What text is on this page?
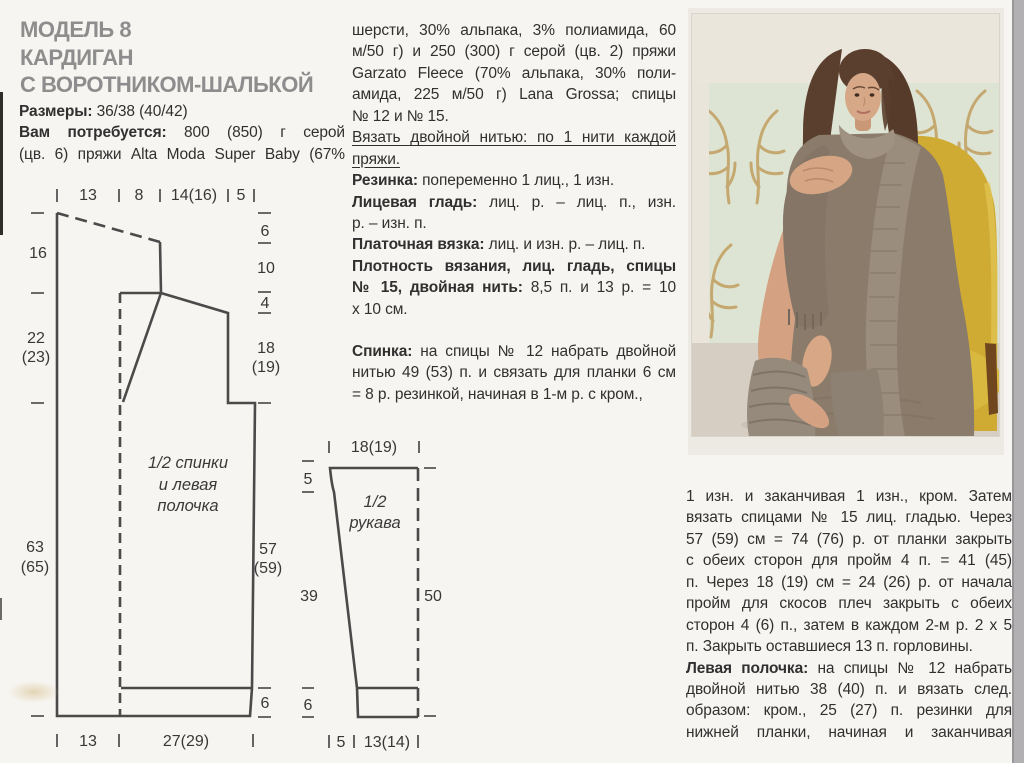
МОДЕЛЬ 8
КАРДИГАН
С ВОРОТНИКОМ-ШАЛЬКОЙ
Размеры: 36/38 (40/42)
Вам потребуется: 800 (850) г серой
(цв. 6) пряжи Alta Moda Super Baby (67%
шерсти, 30% альпака, 3% полиамида, 60
м/50 г) и 250 (300) г серой (цв. 2) пряжи
Garzato Fleece (70% альпака, 30% поли-
амида, 225 м/50 г) Lana Grossa; спицы
№ 12 и № 15.
Вязать двойной нитью: по 1 нити каждой
пряжи.
Резинка: попеременно 1 лиц., 1 изн.
Лицевая гладь: лиц. р. – лиц. п., изн.
р. – изн. п.
Платочная вязка: лиц. и изн. р. – лиц. п.
Плотность вязания, лиц. гладь, спицы
№ 15, двойная нить: 8,5 п. и 13 р. = 10
х 10 см.
Спинка: на спицы № 12 набрать двойной
нитью 49 (53) п. и связать для планки 6 см
= 8 р. резинкой, начиная в 1-м р. с кром.,
1 изн. и заканчивая 1 изн., кром. Затем
вязать спицами № 15 лиц. гладью. Через
57 (59) см = 74 (76) р. от планки закрыть
с обеих сторон для пройм 4 п. = 41 (45)
п. Через 18 (19) см = 24 (26) р. от начала
пройм для скосов плеч закрыть с обеих
сторон 4 (6) п., затем в каждом 2-м р. 2 х 5
п. Закрыть оставшиеся 13 п. горловины.
Левая полочка: на спицы № 12 набрать
двойной нитью 38 (40) п. и вязать след.
образом: кром., 25 (27) п. резинки для
нижней планки, начиная и заканчивая
13 8 14(16) 5
16
22
(23)
63
(65)
6
10
4
18
(19)
57
(59)
6
13	27(29)
1/2 спинки
и левая
полочка
18(19)
5
39
6
50
5 13(14)
1/2
рукава
